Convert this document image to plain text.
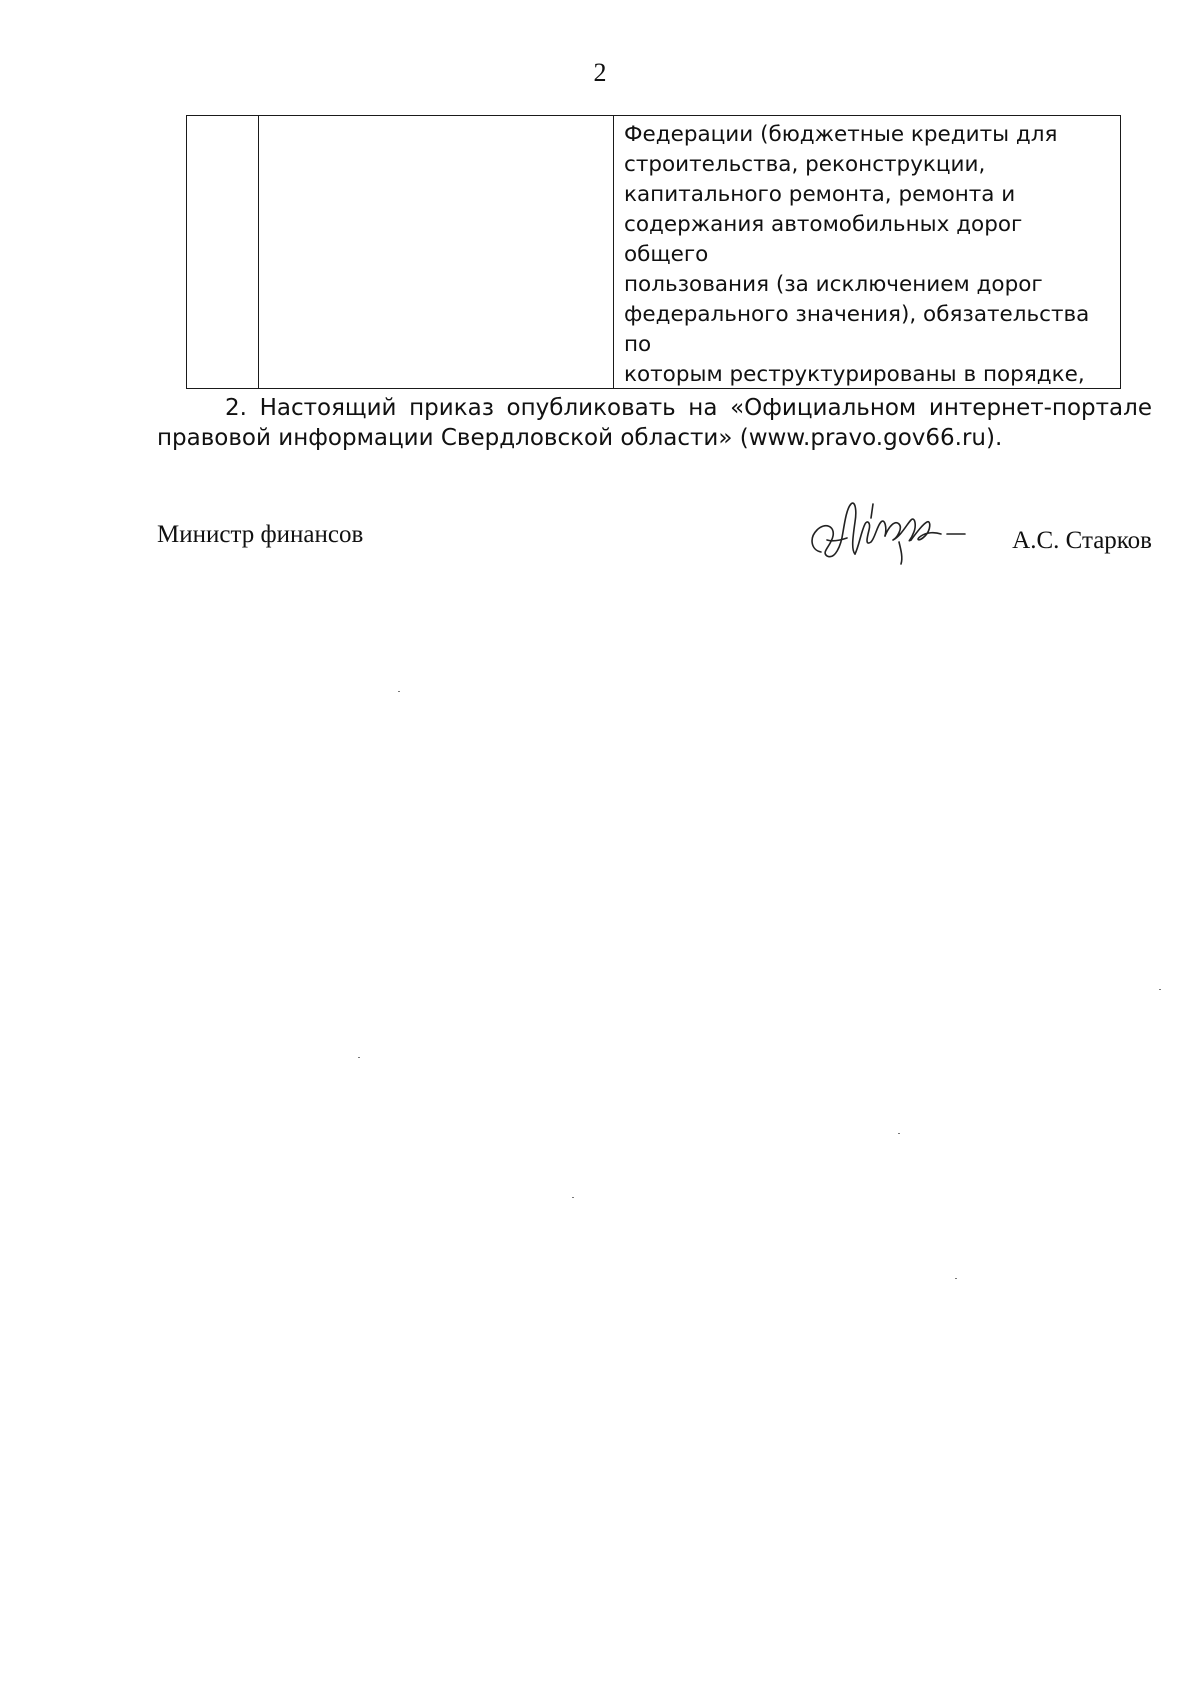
2
Федерации (бюджетные кредиты для
строительства, реконструкции,
капитального ремонта, ремонта и
содержания автомобильных дорог общего
пользования (за исключением дорог
федерального значения), обязательства по
которым реструктурированы в порядке,

2. Настоящий приказ опубликовать на «Официальном интернет-портале
правовой информации Свердловской области» (www.pravo.gov66.ru).
Министр финансов	А.С. Старков
